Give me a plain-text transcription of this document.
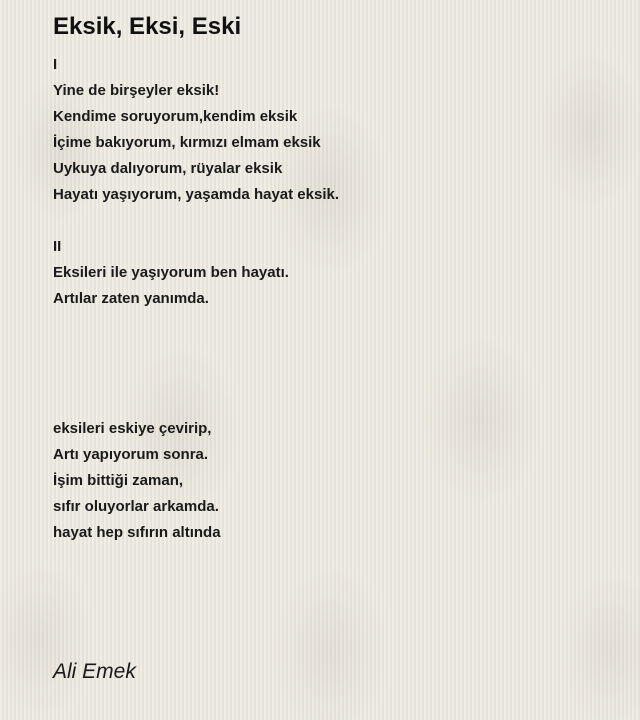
Eksik, Eksi, Eski
I
Yine de birşeyler eksik!
Kendime soruyorum,kendim eksik
İçime bakıyorum, kırmızı elmam eksik
Uykuya dalıyorum, rüyalar eksik
Hayatı yaşıyorum, yaşamda hayat eksik.
II
Eksileri ile yaşıyorum ben hayatı.
Artılar zaten yanımda.
eksileri eskiye çevirip,
Artı yapıyorum sonra.
İşim bittiği zaman,
sıfır oluyorlar arkamda.
hayat hep sıfırın altında
Ali Emek
